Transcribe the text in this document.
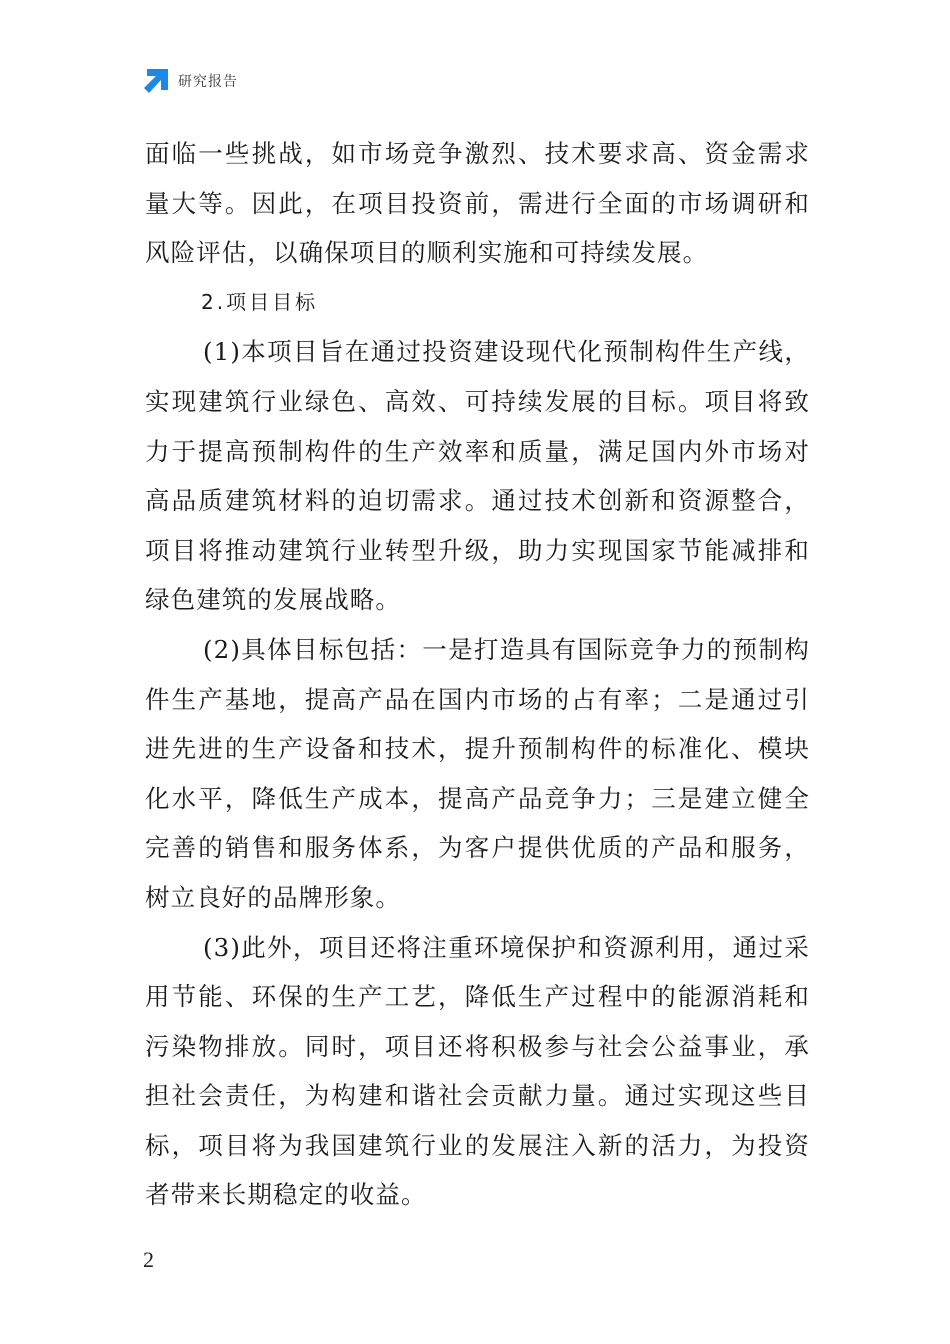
研究报告

面临一些挑战，如市场竞争激烈、技术要求高、资金需求量大等。因此，在项目投资前，需进行全面的市场调研和风险评估，以确保项目的顺利实施和可持续发展。

2.项目目标

(1)本项目旨在通过投资建设现代化预制构件生产线，实现建筑行业绿色、高效、可持续发展的目标。项目将致力于提高预制构件的生产效率和质量，满足国内外市场对高品质建筑材料的迫切需求。通过技术创新和资源整合，项目将推动建筑行业转型升级，助力实现国家节能减排和绿色建筑的发展战略。

(2)具体目标包括：一是打造具有国际竞争力的预制构件生产基地，提高产品在国内市场的占有率；二是通过引进先进的生产设备和技术，提升预制构件的标准化、模块化水平，降低生产成本，提高产品竞争力；三是建立健全完善的销售和服务体系，为客户提供优质的产品和服务，树立良好的品牌形象。

(3)此外，项目还将注重环境保护和资源利用，通过采用节能、环保的生产工艺，降低生产过程中的能源消耗和污染物排放。同时，项目还将积极参与社会公益事业，承担社会责任，为构建和谐社会贡献力量。通过实现这些目标，项目将为我国建筑行业的发展注入新的活力，为投资者带来长期稳定的收益。

2
